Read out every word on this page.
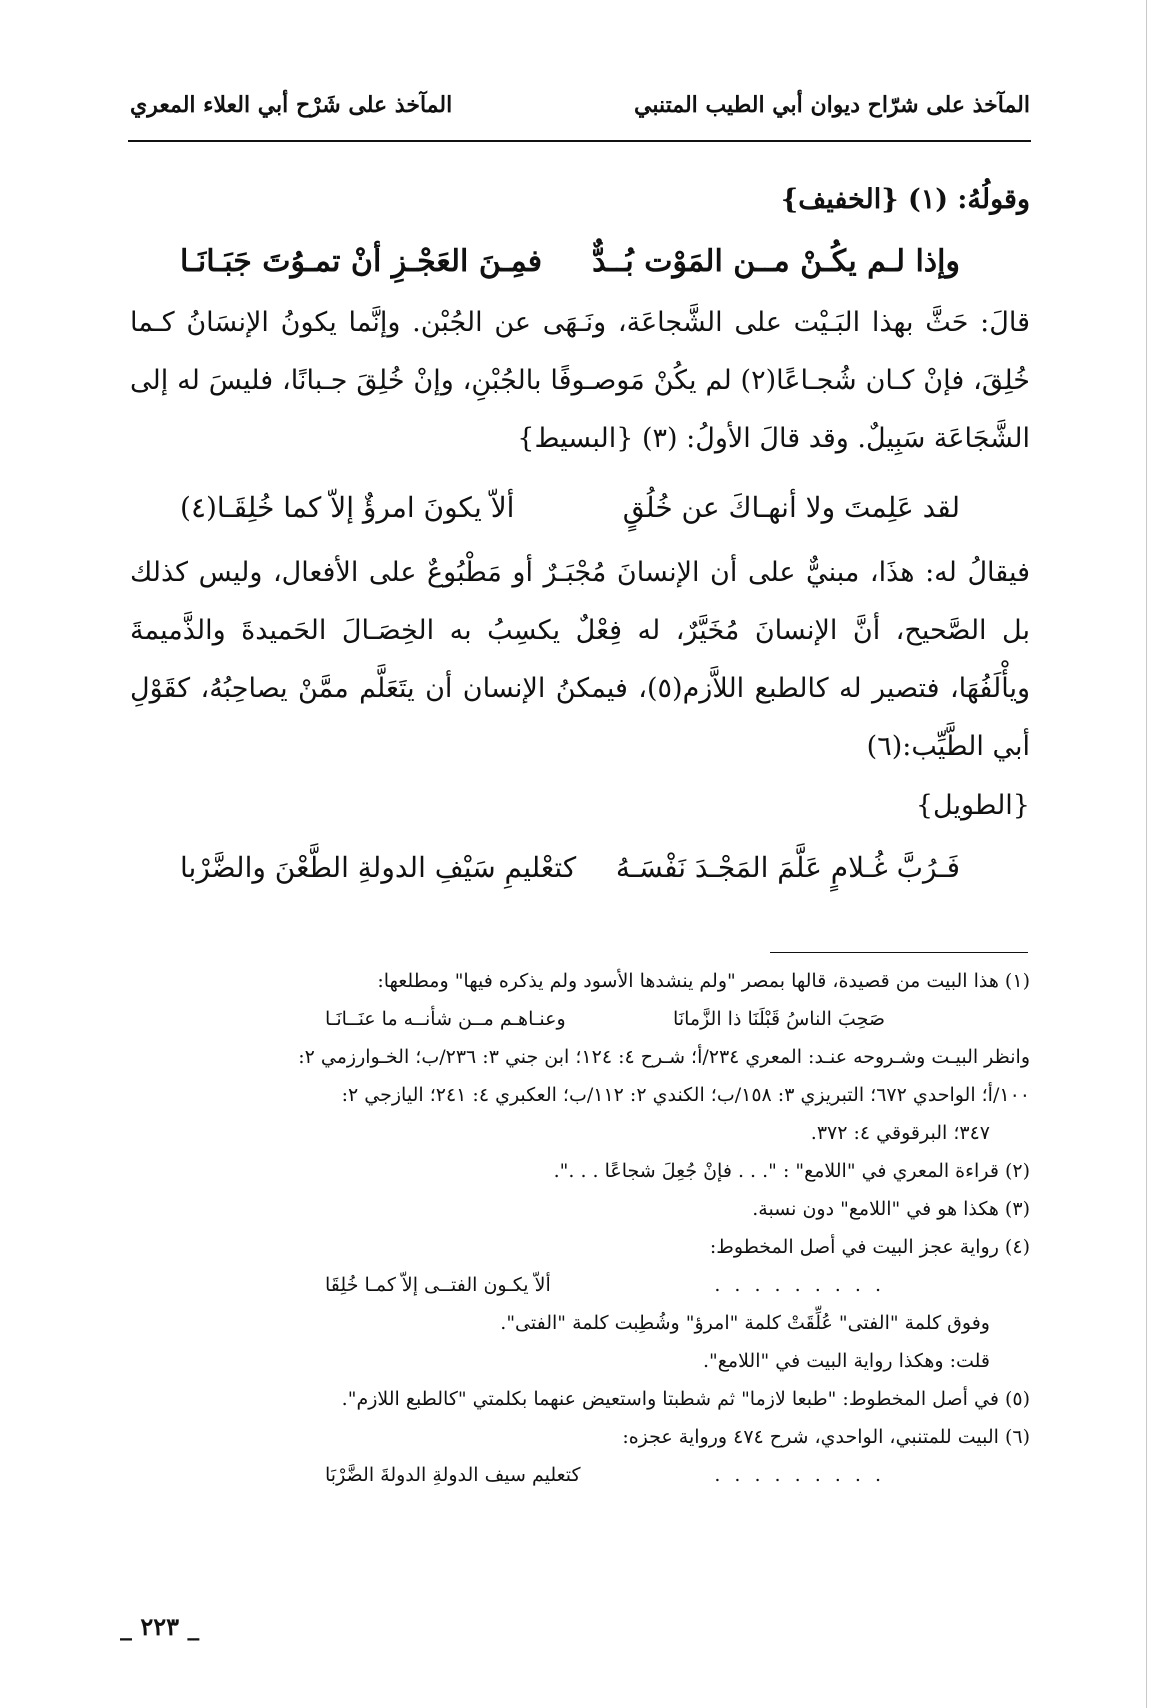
المآخذ على شرّاح ديوان أبي الطيب المتنبي
المآخذ على شَرْح أبي العلاء المعري

وقولُهُ: (١) {الخفيف}

وإذا لـم يكُـنْ مــن المَوْت بُــدٌّ
فمِـنَ العَجْـزِ أنْ تمـوُتَ جَبَـانَـا

قالَ: حَثَّ بهذا البَـيْت على الشَّجاعَة، ونَـهَى عن الجُبْن. وإنَّما يكونُ الإنسَانُ كـما خُلِقَ، فإنْ كـان شُجـاعًا(٢) لم يكُنْ مَوصـوفًا بالجُبْنِ، وإنْ خُلِقَ جـبانًا، فليسَ له إلى الشَّجَاعَة سَبِيلٌ. وقد قالَ الأولُ: (٣) {البسيط}

لقد عَلِمتَ ولا أنهـاكَ عن خُلُقٍ
ألاّ يكونَ امرؤٌ إلاّ كما خُلِقَـا(٤)

فيقالُ له: هذَا، مبنيٌّ على أن الإنسانَ مُجْبَـرٌ أو مَطْبُوعٌ على الأفعال، وليس كذلك بل الصَّحيح، أنَّ الإنسانَ مُخَيَّرٌ، له فِعْلٌ يكسِبُ به الخِصَـالَ الحَميدةَ والذَّميمةَ ويأْلَفُهَا، فتصير له كالطبع اللاَّزم(٥)، فيمكنُ الإنسان أن يتَعَلَّم ممَّنْ يصاحِبُهُ، كقَوْلِ أبي الطَّيِّب:(٦)

{الطويل}

فَـرُبَّ غُـلامٍ عَلَّمَ المَجْـدَ نَفْسَـهُ
كتعْليمِ سَيْفِ الدولةِ الطَّعْنَ والضَّرْبا

(١) هذا البيت من قصيدة، قالها بمصر "ولم ينشدها الأسود ولم يذكره فيها" ومطلعها:

صَحِبَ الناسُ قَبْلَنَا ذا الزَّمانَا
وعنـاهـم مــن شأنــه ما عنَــانَـا

وانظر البيـت وشـروحه عنـد: المعري ٢٣٤/أ؛ شـرح ٤: ١٢٤؛ ابن جني ٣: ٢٣٦/ب؛ الخـوارزمي ٢:

١٠٠/أ؛ الواحدي ٦٧٢؛ التبريزي ٣: ١٥٨/ب؛ الكندي ٢: ١١٢/ب؛ العكبري ٤: ٢٤١؛ اليازجي ٢:

٣٤٧؛ البرقوقي ٤: ٣٧٢.

(٢) قراءة المعري في "اللامع" : ". . . فإنْ جُعِلَ شجاعًا . . .".

(٣) هكذا هو في "اللامع" دون نسبة.

(٤) رواية عجز البيت في أصل المخطوط:

. . . . . . . . .
ألاّ يكـون الفتــى إلاّ كمـا خُلِقَا

وفوق كلمة "الفتى" عُلِّقَتْ كلمة "امرؤ" وشُطِبت كلمة "الفتى".

قلت: وهكذا رواية البيت في "اللامع".

(٥) في أصل المخطوط: "طبعا لازما" ثم شطبتا واستعيض عنهما بكلمتي "كالطبع اللازم".

(٦) البيت للمتنبي، الواحدي، شرح ٤٧٤ ورواية عجزه:

. . . . . . . . .
كتعليم سيف الدولةِ الدولةَ الضَّرْبَا
_ ٢٢٣ _
